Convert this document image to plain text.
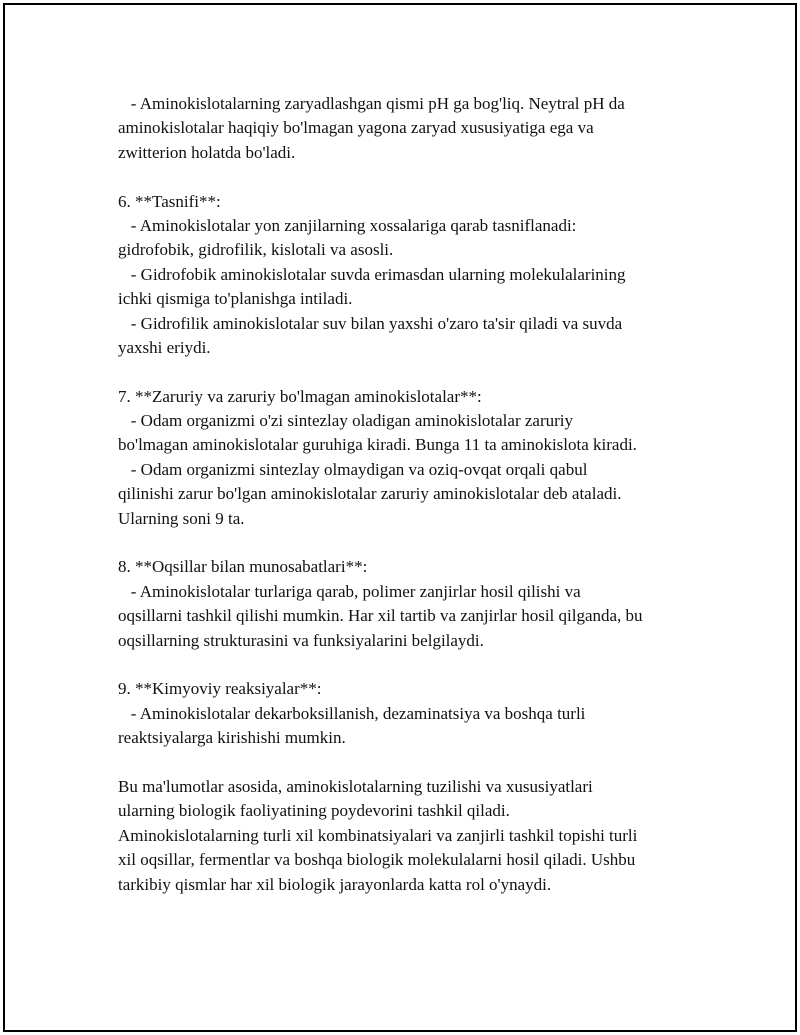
- Aminokislotalarning zaryadlashgan qismi pH ga bog'liq. Neytral pH da
aminokislotalar haqiqiy bo'lmagan yagona zaryad xususiyatiga ega va
zwitterion holatda bo'ladi.
6. **Tasnifi**:
- Aminokislotalar yon zanjilarning xossalariga qarab tasniflanadi:
gidrofobik, gidrofilik, kislotali va asosli.
- Gidrofobik aminokislotalar suvda erimasdan ularning molekulalarining
ichki qismiga to'planishga intiladi.
- Gidrofilik aminokislotalar suv bilan yaxshi o'zaro ta'sir qiladi va suvda
yaxshi eriydi.
7. **Zaruriy va zaruriy bo'lmagan aminokislotalar**:
- Odam organizmi o'zi sintezlay oladigan aminokislotalar zaruriy
bo'lmagan aminokislotalar guruhiga kiradi. Bunga 11 ta aminokislota kiradi.
- Odam organizmi sintezlay olmaydigan va oziq-ovqat orqali qabul
qilinishi zarur bo'lgan aminokislotalar zaruriy aminokislotalar deb ataladi.
Ularning soni 9 ta.
8. **Oqsillar bilan munosabatlari**:
- Aminokislotalar turlariga qarab, polimer zanjirlar hosil qilishi va
oqsillarni tashkil qilishi mumkin. Har xil tartib va zanjirlar hosil qilganda, bu
oqsillarning strukturasini va funksiyalarini belgilaydi.
9. **Kimyoviy reaksiyalar**:
- Aminokislotalar dekarboksillanish, dezaminatsiya va boshqa turli
reaktsiyalarga kirishishi mumkin.
Bu ma'lumotlar asosida, aminokislotalarning tuzilishi va xususiyatlari
ularning biologik faoliyatining poydevorini tashkil qiladi.
Aminokislotalarning turli xil kombinatsiyalari va zanjirli tashkil topishi turli
xil oqsillar, fermentlar va boshqa biologik molekulalarni hosil qiladi. Ushbu
tarkibiy qismlar har xil biologik jarayonlarda katta rol o'ynaydi.
